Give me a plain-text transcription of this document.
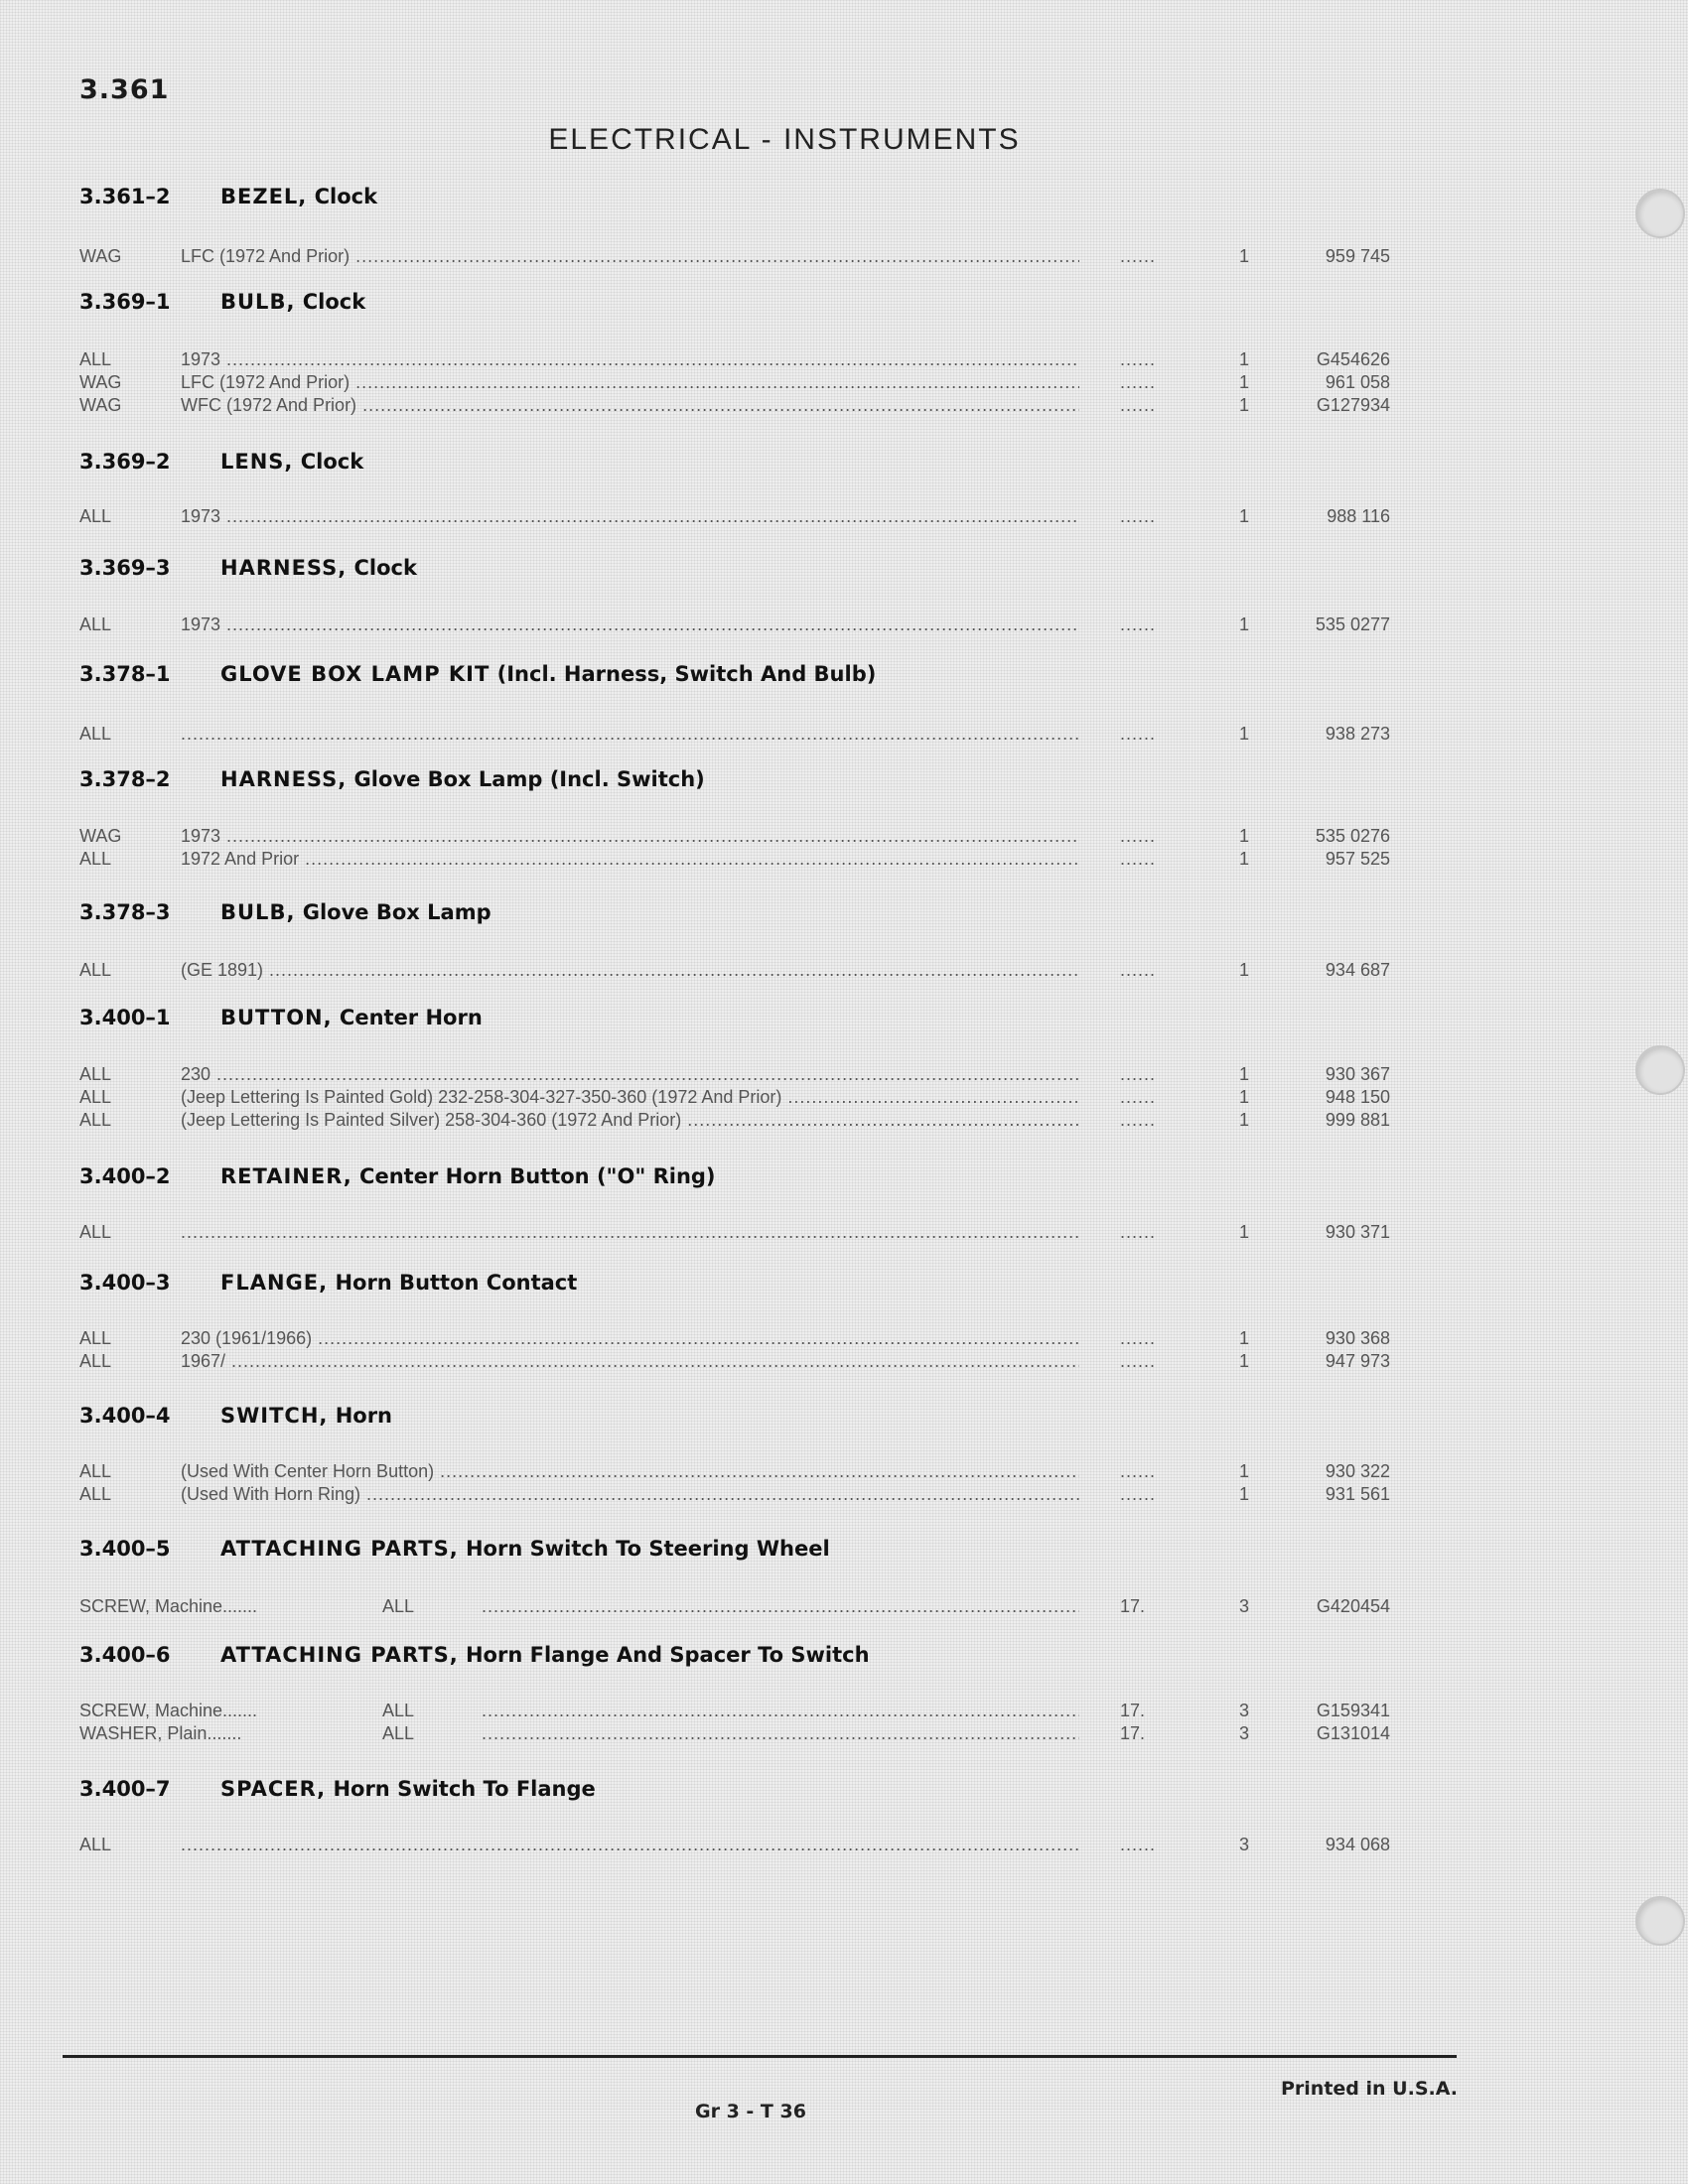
3.361
ELECTRICAL - INSTRUMENTS
3.361–2	BEZEL, Clock
WAG	LFC (1972 And Prior) .....	......	1	959 745
3.369–1	BULB, Clock
ALL	1973 .....	......	1	G454626
WAG	LFC (1972 And Prior) .....	......	1	961 058
WAG	WFC (1972 And Prior) .....	......	1	G127934
3.369–2	LENS, Clock
ALL	1973 .....	......	1	988 116
3.369–3	HARNESS, Clock
ALL	1973 .....	......	1	535 0277
3.378–1	GLOVE BOX LAMP KIT (Incl. Harness, Switch And Bulb)
ALL .....	......	1	938 273
3.378–2	HARNESS, Glove Box Lamp (Incl. Switch)
WAG	1973 .....	......	1	535 0276
ALL	1972 And Prior .....	......	1	957 525
3.378–3	BULB, Glove Box Lamp
ALL	(GE 1891) .....	......	1	934 687
3.400–1	BUTTON, Center Horn
ALL	230 .....	......	1	930 367
ALL	(Jeep Lettering Is Painted Gold) 232-258-304-327-350-360 (1972 And Prior) .....	......	1	948 150
ALL	(Jeep Lettering Is Painted Silver) 258-304-360 (1972 And Prior) .....	......	1	999 881
3.400–2	RETAINER, Center Horn Button ("O" Ring)
ALL .....	......	1	930 371
3.400–3	FLANGE, Horn Button Contact
ALL	230 (1961/1966) .....	......	1	930 368
ALL	1967/ .....	......	1	947 973
3.400–4	SWITCH, Horn
ALL	(Used With Center Horn Button) .....	......	1	930 322
ALL	(Used With Horn Ring) .....	......	1	931 561
3.400–5	ATTACHING PARTS, Horn Switch To Steering Wheel
SCREW, Machine.......	ALL .....	17.	3	G420454
3.400–6	ATTACHING PARTS, Horn Flange And Spacer To Switch
SCREW, Machine.......	ALL .....	17.	3	G159341
WASHER, Plain.......	ALL .....	17.	3	G131014
3.400–7	SPACER, Horn Switch To Flange
ALL .....	......	3	934 068
Printed in U.S.A.
Gr 3 - T 36
